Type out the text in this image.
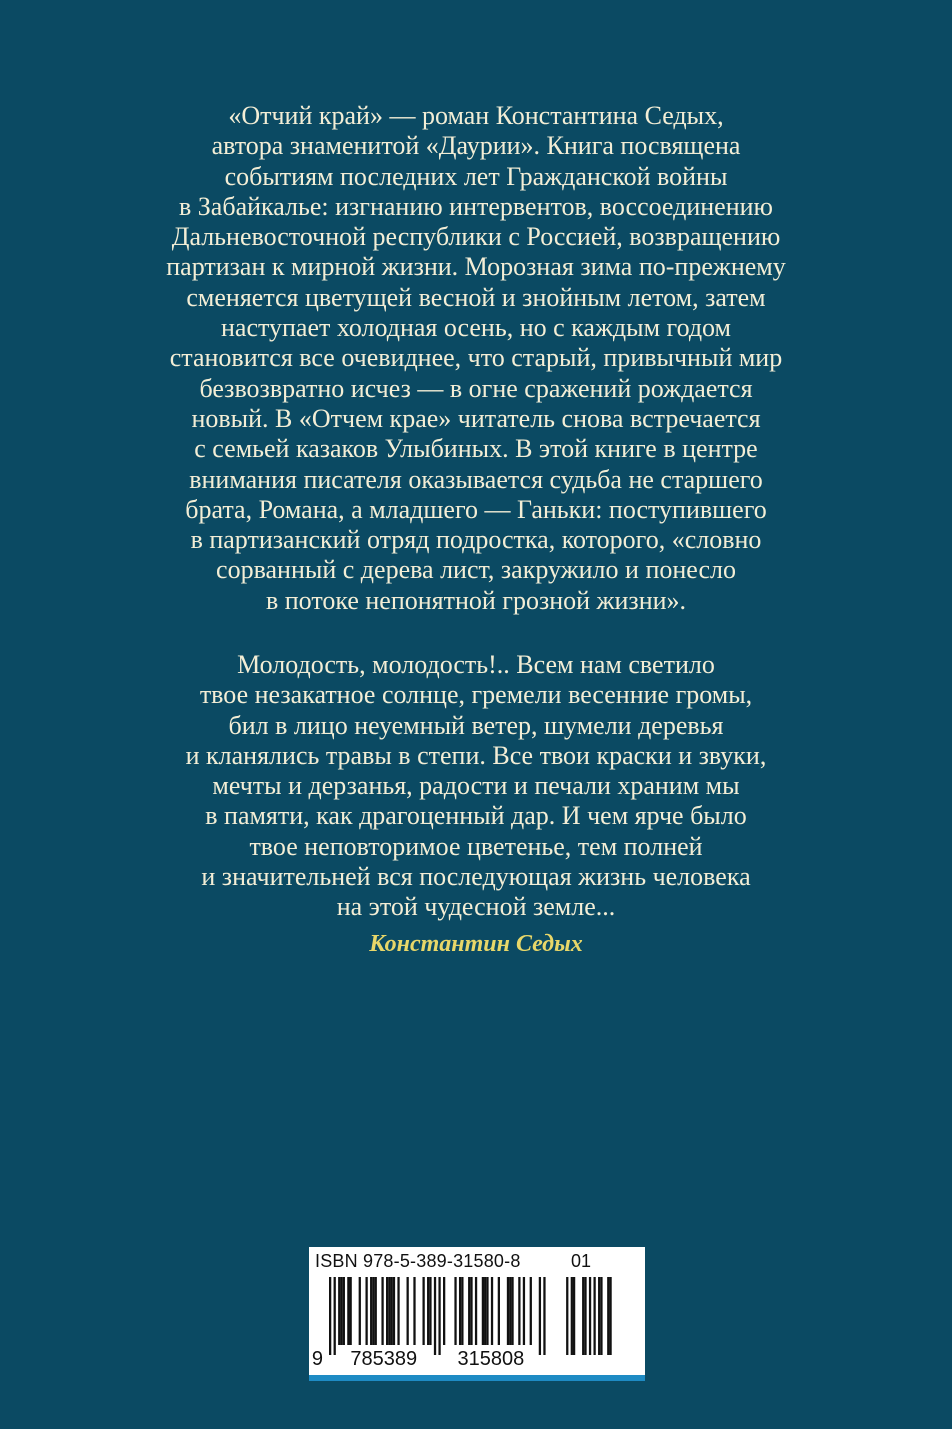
«Отчий край» — роман Константина Седых,
автора знаменитой «Даурии». Книга посвящена
событиям последних лет Гражданской войны
в Забайкалье: изгнанию интервентов, воссоединению
Дальневосточной республики с Россией, возвращению
партизан к мирной жизни. Морозная зима по-прежнему
сменяется цветущей весной и знойным летом, затем
наступает холодная осень, но с каждым годом
становится все очевиднее, что старый, привычный мир
безвозвратно исчез — в огне сражений рождается
новый. В «Отчем крае» читатель снова встречается
с семьей казаков Улыбиных. В этой книге в центре
внимания писателя оказывается судьба не старшего
брата, Романа, а младшего — Ганьки: поступившего
в партизанский отряд подростка, которого, «словно
сорванный с дерева лист, закружило и понесло
в потоке непонятной грозной жизни».
Молодость, молодость!.. Всем нам светило
твое незакатное солнце, гремели весенние громы,
бил в лицо неуемный ветер, шумели деревья
и кланялись травы в степи. Все твои краски и звуки,
мечты и дерзанья, радости и печали храним мы
в памяти, как драгоценный дар. И чем ярче было
твое неповторимое цветенье, тем полней
и значительней вся последующая жизнь человека
на этой чудесной земле...
Константин Седых
9 785389 315808
ISBN 978-5-389-31580-8	01
